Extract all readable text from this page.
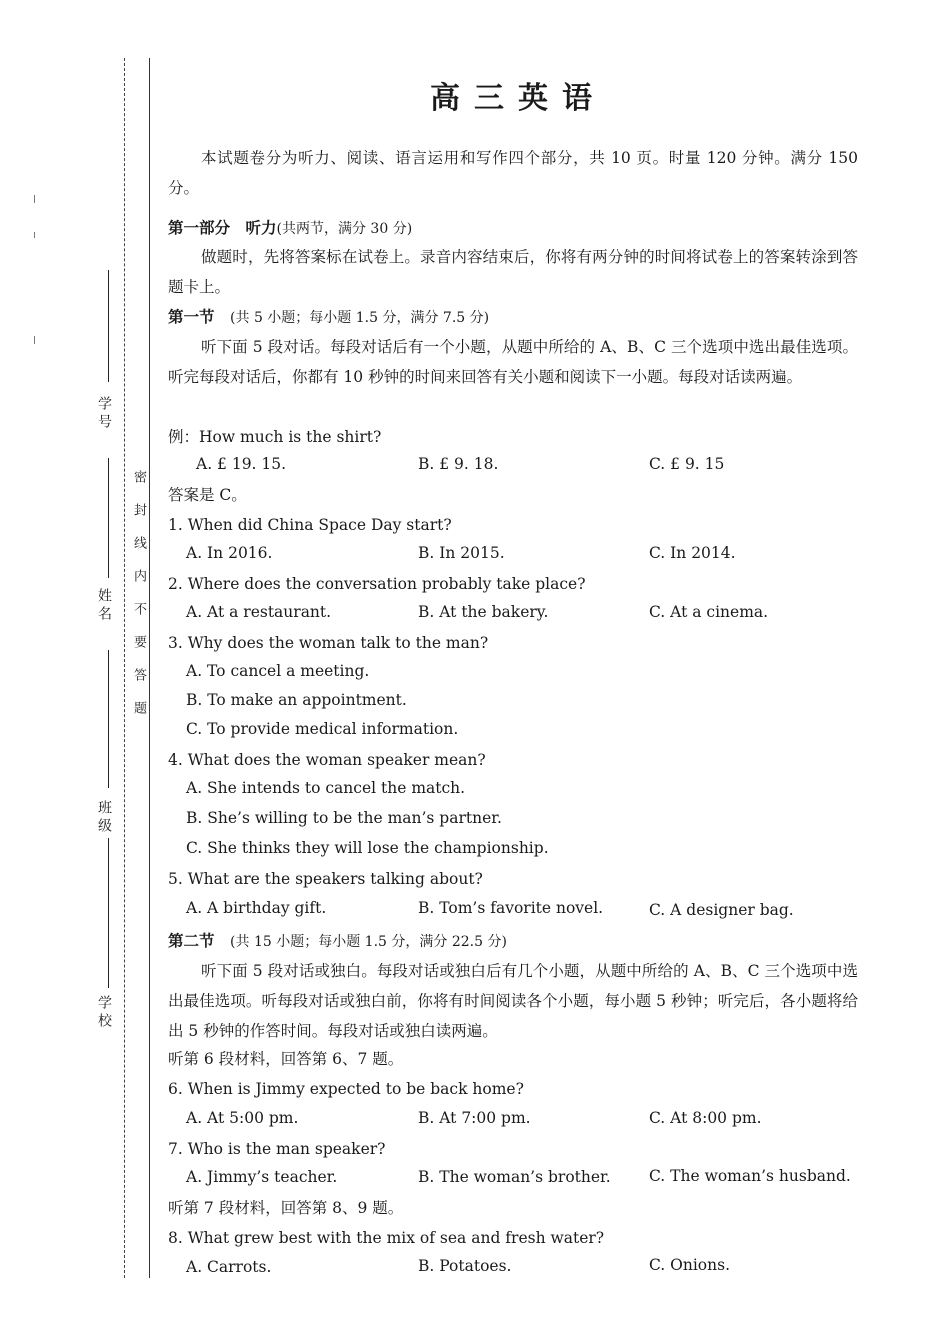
学号
姓名
班级
学校
密封线内不要答题
高三英语

本试题卷分为听力、阅读、语言运用和写作四个部分，共 10 页。时量 120 分钟。满分 150 分。

第一部分　听力(共两节，满分 30 分)

做题时，先将答案标在试卷上。录音内容结束后，你将有两分钟的时间将试卷上的答案转涂到答题卡上。

第一节　 (共 5 小题；每小题 1.5 分，满分 7.5 分)

听下面 5 段对话。每段对话后有一个小题，从题中所给的 A、B、C 三个选项中选出最佳选项。听完每段对话后，你都有 10 秒钟的时间来回答有关小题和阅读下一小题。每段对话读两遍。

例：How much is the shirt?
A. £ 19. 15.	B. £ 9. 18.	C. £ 9. 15
答案是 C。
1. When did China Space Day start?
A. In 2016.	B. In 2015.	C. In 2014.
2. Where does the conversation probably take place?
A. At a restaurant.	B. At the bakery.	C. At a cinema.
3. Why does the woman talk to the man?
A. To cancel a meeting.
B. To make an appointment.
C. To provide medical information.
4. What does the woman speaker mean?
A. She intends to cancel the match.
B. She’s willing to be the man’s partner.
C. She thinks they will lose the championship.
5. What are the speakers talking about?
A. A birthday gift.	B. Tom’s favorite novel.	C. A designer bag.
第二节　 (共 15 小题；每小题 1.5 分，满分 22.5 分)

听下面 5 段对话或独白。每段对话或独白后有几个小题，从题中所给的 A、B、C 三个选项中选出最佳选项。听每段对话或独白前，你将有时间阅读各个小题，每小题 5 秒钟；听完后，各小题将给出 5 秒钟的作答时间。每段对话或独白读两遍。

听第 6 段材料，回答第 6、7 题。
6. When is Jimmy expected to be back home?
A. At 5:00 pm.	B. At 7:00 pm.	C. At 8:00 pm.
7. Who is the man speaker?
A. Jimmy’s teacher.	B. The woman’s brother. C. The woman’s husband.
听第 7 段材料，回答第 8、9 题。
8. What grew best with the mix of sea and fresh water?
A. Carrots.	B. Potatoes.	C. Onions.
